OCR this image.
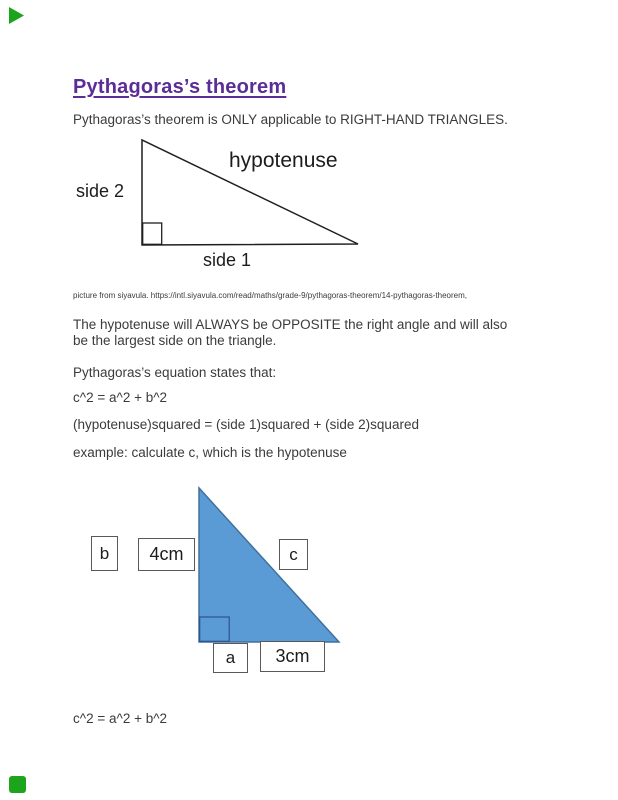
Pythagoras’s theorem
Pythagoras’s theorem is ONLY applicable to RIGHT-HAND TRIANGLES.
side 2
hypotenuse
side 1
picture from siyavula. https://intl.siyavula.com/read/maths/grade-9/pythagoras-theorem/14-pythagoras-theorem,
The hypotenuse will ALWAYS be OPPOSITE the right angle and will also
be the largest side on the triangle.
Pythagoras’s equation states that:
c^2 = a^2 + b^2
(hypotenuse)squared = (side 1)squared + (side 2)squared
example: calculate c, which is the hypotenuse
b	4cm	c
a	3cm
c^2 = a^2 + b^2
